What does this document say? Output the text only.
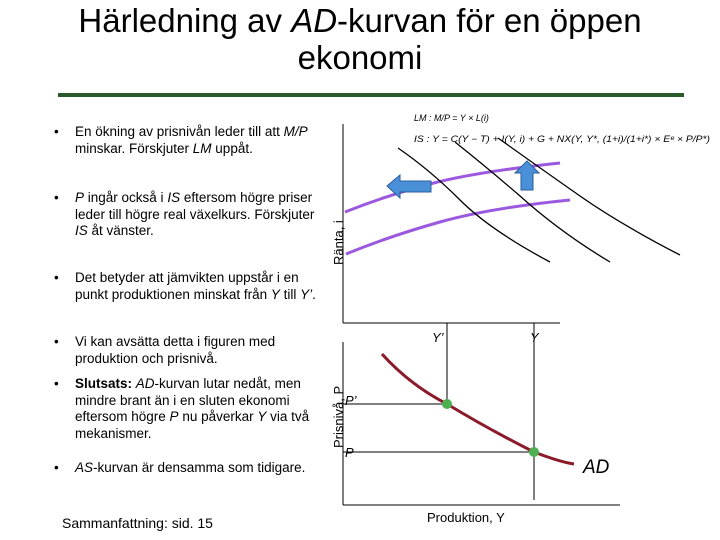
Härledning av AD-kurvan för en öppen
ekonomi
• En ökning av prisnivån leder till att M/P minskar. Förskjuter LM uppåt.
• P ingår också i IS eftersom högre priser leder till högre real växelkurs. Förskjuter IS åt vänster.
• Det betyder att jämvikten uppstår i en punkt produktionen minskat från Y till Y’.
• Vi kan avsätta detta i figuren med produktion och prisnivå.
• Slutsats: AD-kurvan lutar nedåt, men mindre brant än i en sluten ekonomi eftersom högre P nu påverkar Y via två mekanismer.
• AS-kurvan är densamma som tidigare.
Sammanfattning: sid. 15
LM : M/P = Y × L(i)
IS : Y = C(Y − T) + I(Y, i) + G + NX(Y, Y*, (1+i)/(1+i*) × Eᵉ × P/P*)
Ränta, i
Prisnivå, P
Y’	Y
P’
P
AD
Produktion, Y
